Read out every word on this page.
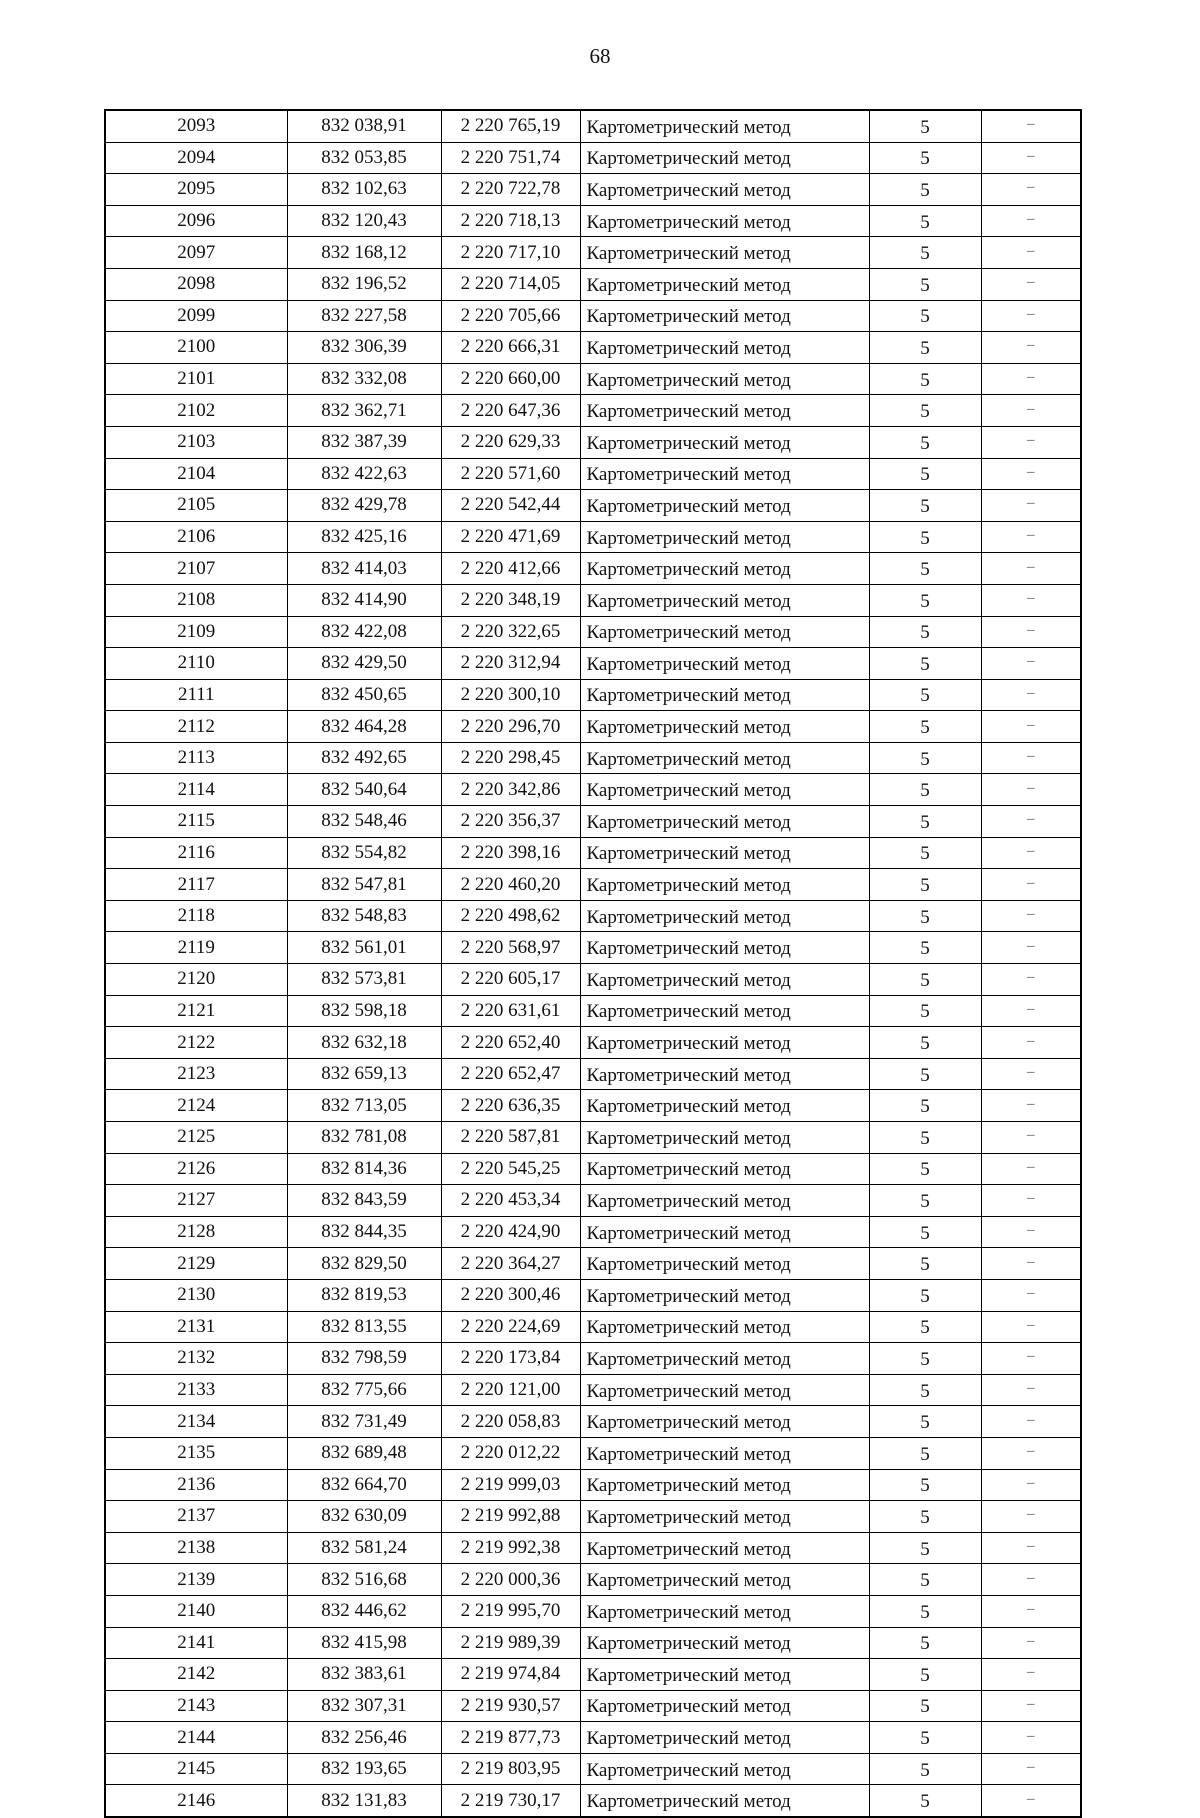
68
2093	832 038,91	2 220 765,19	Картометрический метод	5	–
2094	832 053,85	2 220 751,74	Картометрический метод	5	–
2095	832 102,63	2 220 722,78	Картометрический метод	5	–
2096	832 120,43	2 220 718,13	Картометрический метод	5	–
2097	832 168,12	2 220 717,10	Картометрический метод	5	–
2098	832 196,52	2 220 714,05	Картометрический метод	5	–
2099	832 227,58	2 220 705,66	Картометрический метод	5	–
2100	832 306,39	2 220 666,31	Картометрический метод	5	–
2101	832 332,08	2 220 660,00	Картометрический метод	5	–
2102	832 362,71	2 220 647,36	Картометрический метод	5	–
2103	832 387,39	2 220 629,33	Картометрический метод	5	–
2104	832 422,63	2 220 571,60	Картометрический метод	5	–
2105	832 429,78	2 220 542,44	Картометрический метод	5	–
2106	832 425,16	2 220 471,69	Картометрический метод	5	–
2107	832 414,03	2 220 412,66	Картометрический метод	5	–
2108	832 414,90	2 220 348,19	Картометрический метод	5	–
2109	832 422,08	2 220 322,65	Картометрический метод	5	–
2110	832 429,50	2 220 312,94	Картометрический метод	5	–
2111	832 450,65	2 220 300,10	Картометрический метод	5	–
2112	832 464,28	2 220 296,70	Картометрический метод	5	–
2113	832 492,65	2 220 298,45	Картометрический метод	5	–
2114	832 540,64	2 220 342,86	Картометрический метод	5	–
2115	832 548,46	2 220 356,37	Картометрический метод	5	–
2116	832 554,82	2 220 398,16	Картометрический метод	5	–
2117	832 547,81	2 220 460,20	Картометрический метод	5	–
2118	832 548,83	2 220 498,62	Картометрический метод	5	–
2119	832 561,01	2 220 568,97	Картометрический метод	5	–
2120	832 573,81	2 220 605,17	Картометрический метод	5	–
2121	832 598,18	2 220 631,61	Картометрический метод	5	–
2122	832 632,18	2 220 652,40	Картометрический метод	5	–
2123	832 659,13	2 220 652,47	Картометрический метод	5	–
2124	832 713,05	2 220 636,35	Картометрический метод	5	–
2125	832 781,08	2 220 587,81	Картометрический метод	5	–
2126	832 814,36	2 220 545,25	Картометрический метод	5	–
2127	832 843,59	2 220 453,34	Картометрический метод	5	–
2128	832 844,35	2 220 424,90	Картометрический метод	5	–
2129	832 829,50	2 220 364,27	Картометрический метод	5	–
2130	832 819,53	2 220 300,46	Картометрический метод	5	–
2131	832 813,55	2 220 224,69	Картометрический метод	5	–
2132	832 798,59	2 220 173,84	Картометрический метод	5	–
2133	832 775,66	2 220 121,00	Картометрический метод	5	–
2134	832 731,49	2 220 058,83	Картометрический метод	5	–
2135	832 689,48	2 220 012,22	Картометрический метод	5	–
2136	832 664,70	2 219 999,03	Картометрический метод	5	–
2137	832 630,09	2 219 992,88	Картометрический метод	5	–
2138	832 581,24	2 219 992,38	Картометрический метод	5	–
2139	832 516,68	2 220 000,36	Картометрический метод	5	–
2140	832 446,62	2 219 995,70	Картометрический метод	5	–
2141	832 415,98	2 219 989,39	Картометрический метод	5	–
2142	832 383,61	2 219 974,84	Картометрический метод	5	–
2143	832 307,31	2 219 930,57	Картометрический метод	5	–
2144	832 256,46	2 219 877,73	Картометрический метод	5	–
2145	832 193,65	2 219 803,95	Картометрический метод	5	–
2146	832 131,83	2 219 730,17	Картометрический метод	5	–
